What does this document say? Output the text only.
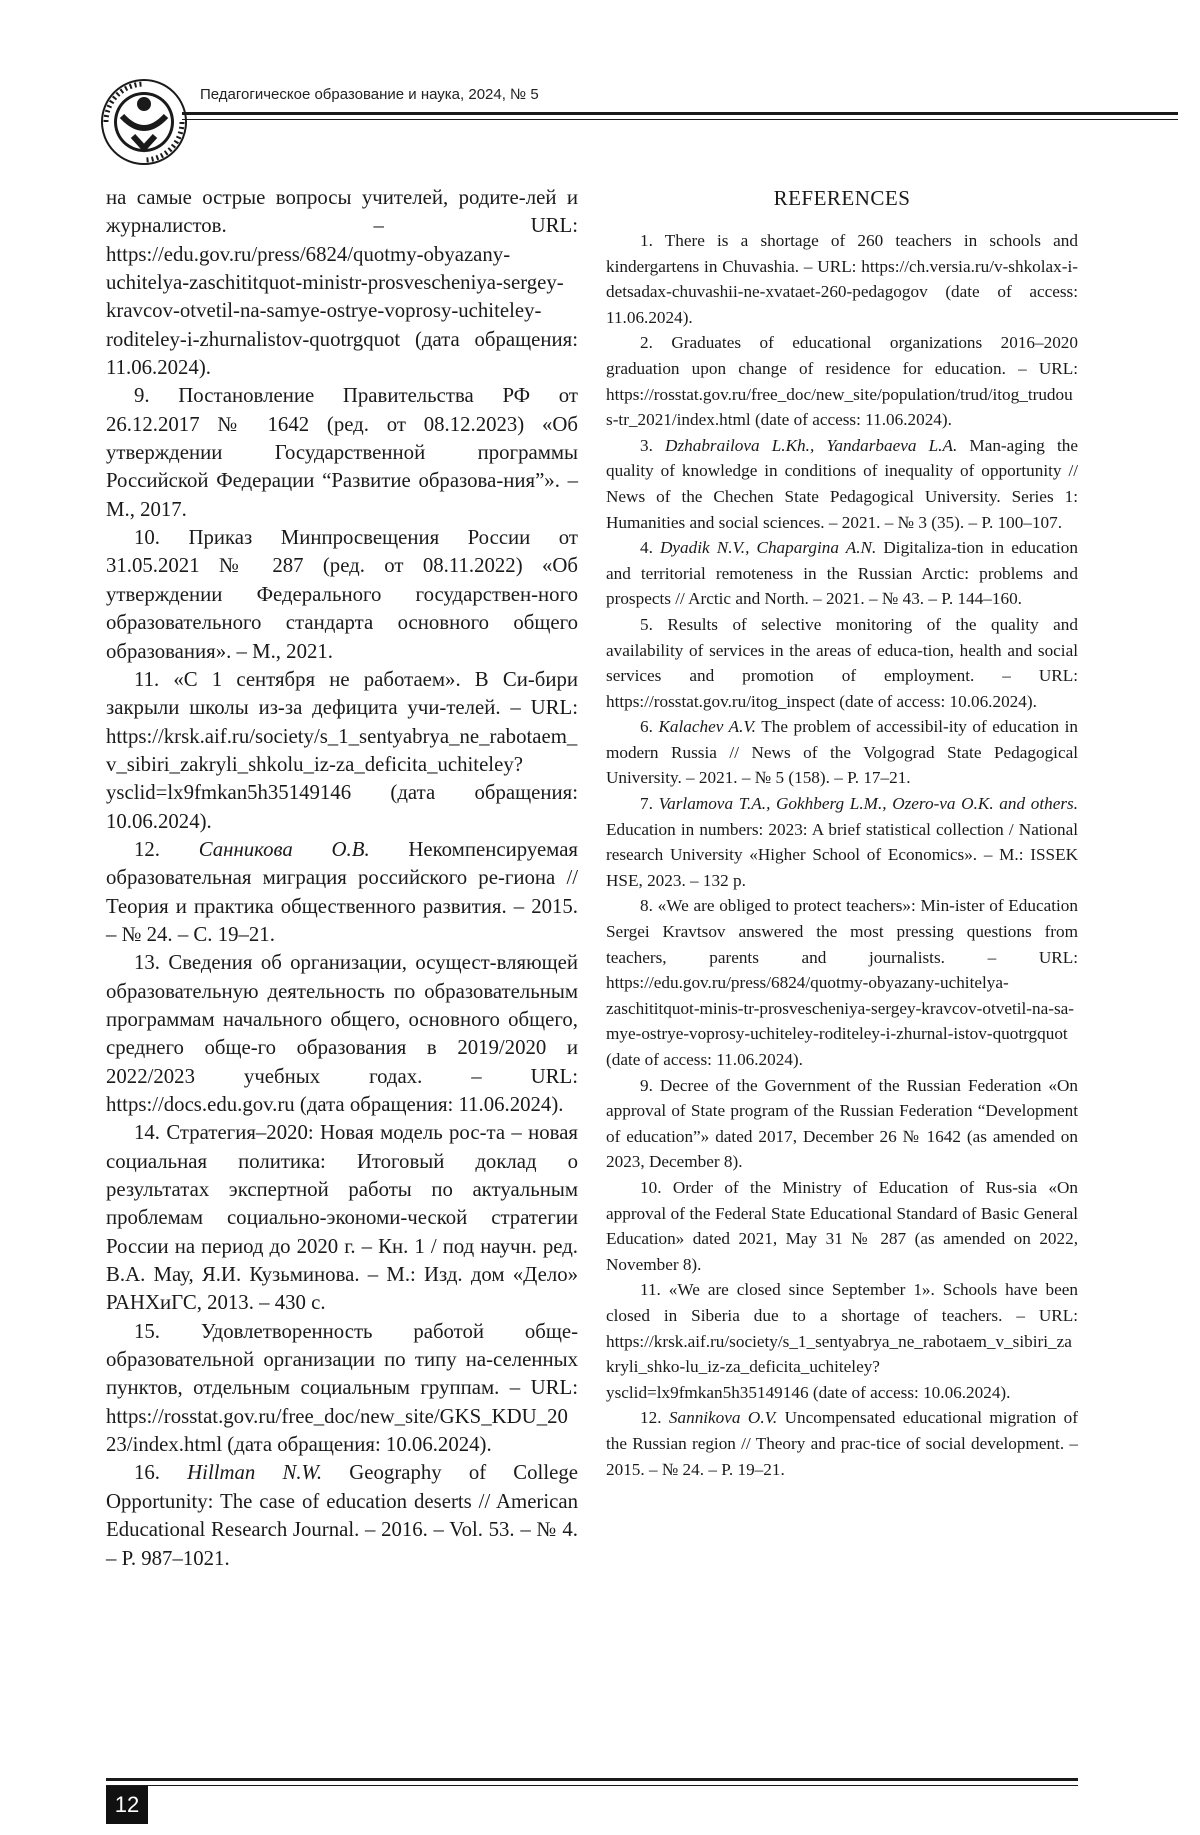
Педагогическое образование и наука, 2024, № 5

на самые острые вопросы учителей, родите-лей и журналистов. – URL: https://edu.gov.ru/press/6824/quotmy-obyazany-uchitelya-zaschititquot-ministr-prosvescheniya-sergey-kravcov-otvetil-na-samye-ostrye-voprosy-uchiteley-roditeley-i-zhurnalistov-quotrgquot (дата обращения: 11.06.2024).

9. Постановление Правительства РФ от 26.12.2017 № 1642 (ред. от 08.12.2023) «Об утверждении Государственной программы Российской Федерации “Развитие образова-ния”». – М., 2017.

10. Приказ Минпросвещения России от 31.05.2021 № 287 (ред. от 08.11.2022) «Об утверждении Федерального государствен-ного образовательного стандарта основного общего образования». – М., 2021.

11. «С 1 сентября не работаем». В Си-бири закрыли школы из-за дефицита учи-телей. – URL: https://krsk.aif.ru/society/s_1_sentyabrya_ne_rabotaem_v_sibiri_zakryli_shkolu_iz-za_deficita_uchiteley?ysclid=lx9fmkan5h35149146 (дата обращения: 10.06.2024).

12. Санникова О.В. Некомпенсируемая образовательная миграция российского ре-гиона // Теория и практика общественного развития. – 2015. – № 24. – С. 19–21.

13. Сведения об организации, осущест-вляющей образовательную деятельность по образовательным программам начального общего, основного общего, среднего обще-го образования в 2019/2020 и 2022/2023 учебных годах. – URL: https://docs.edu.gov.ru (дата обращения: 11.06.2024).

14. Стратегия–2020: Новая модель рос-та – новая социальная политика: Итоговый доклад о результатах экспертной работы по актуальным проблемам социально-экономи-ческой стратегии России на период до 2020 г. – Кн. 1 / под научн. ред. В.А. Мау, Я.И. Кузьминова. – М.: Изд. дом «Дело» РАНХиГС, 2013. – 430 с.

15. Удовлетворенность работой обще-образовательной организации по типу на-селенных пунктов, отдельным социальным группам. – URL: https://rosstat.gov.ru/free_doc/new_site/GKS_KDU_2023/index.html (дата обращения: 10.06.2024).

16. Hillman N.W. Geography of College Opportunity: The case of education deserts // American Educational Research Journal. – 2016. – Vol. 53. – № 4. – P. 987–1021.

REFERENCES

1. There is a shortage of 260 teachers in schools and kindergartens in Chuvashia. – URL: https://ch.versia.ru/v-shkolax-i-detsadax-chuvashii-ne-xvataet-260-pedagogov (date of access: 11.06.2024).

2. Graduates of educational organizations 2016–2020 graduation upon change of residence for education. – URL: https://rosstat.gov.ru/free_doc/new_site/population/trud/itog_trudous-tr_2021/index.html (date of access: 11.06.2024).

3. Dzhabrailova L.Kh., Yandarbaeva L.A. Man-aging the quality of knowledge in conditions of inequality of opportunity // News of the Chechen State Pedagogical University. Series 1: Humanities and social sciences. – 2021. – № 3 (35). – P. 100–107.

4. Dyadik N.V., Chapargina A.N. Digitaliza-tion in education and territorial remoteness in the Russian Arctic: problems and prospects // Arctic and North. – 2021. – № 43. – P. 144–160.

5. Results of selective monitoring of the quality and availability of services in the areas of educa-tion, health and social services and promotion of employment. – URL: https://rosstat.gov.ru/itog_inspect (date of access: 10.06.2024).

6. Kalachev A.V. The problem of accessibil-ity of education in modern Russia // News of the Volgograd State Pedagogical University. – 2021. – № 5 (158). – P. 17–21.

7. Varlamova T.A., Gokhberg L.M., Ozero-va O.K. and others. Education in numbers: 2023: A brief statistical collection / National research University «Higher School of Economics». – M.: ISSEK HSE, 2023. – 132 p.

8. «We are obliged to protect teachers»: Min-ister of Education Sergei Kravtsov answered the most pressing questions from teachers, parents and journalists. – URL: https://edu.gov.ru/press/6824/quotmy-obyazany-uchitelya-zaschititquot-minis-tr-prosvescheniya-sergey-kravcov-otvetil-na-sa-mye-ostrye-voprosy-uchiteley-roditeley-i-zhurnal-istov-quotrgquot (date of access: 11.06.2024).

9. Decree of the Government of the Russian Federation «On approval of State program of the Russian Federation “Development of education”» dated 2017, December 26 № 1642 (as amended on 2023, December 8).

10. Order of the Ministry of Education of Rus-sia «On approval of the Federal State Educational Standard of Basic General Education» dated 2021, May 31 № 287 (as amended on 2022, November 8).

11. «We are closed since September 1». Schools have been closed in Siberia due to a shortage of teachers. – URL: https://krsk.aif.ru/society/s_1_sentyabrya_ne_rabotaem_v_sibiri_zakryli_shko-lu_iz-za_deficita_uchiteley?ysclid=lx9fmkan5h35149146 (date of access: 10.06.2024).

12. Sannikova O.V. Uncompensated educational migration of the Russian region // Theory and prac-tice of social development. – 2015. – № 24. – P. 19–21.

12
